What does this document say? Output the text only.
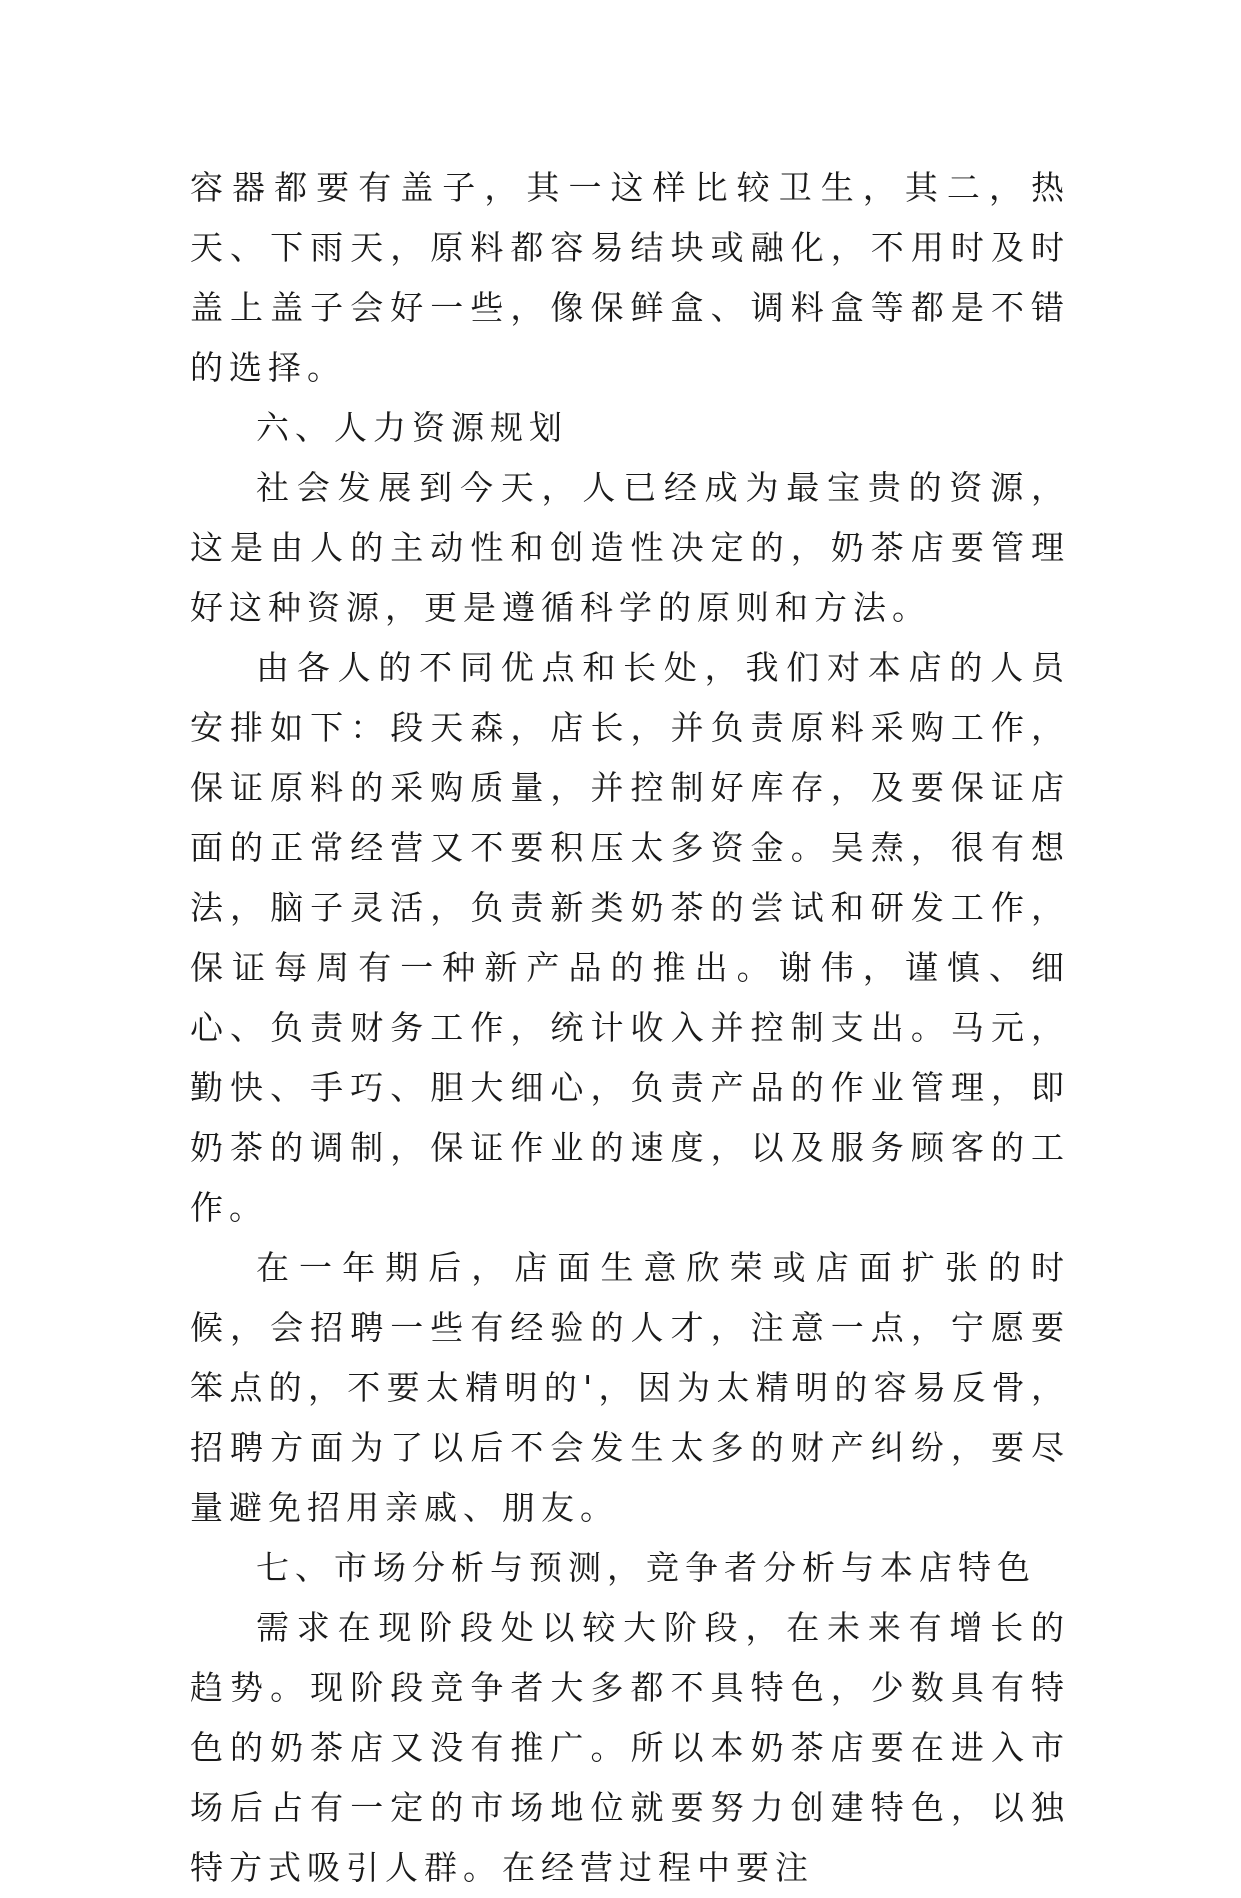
容器都要有盖子，其一这样比较卫生，其二，热天、下雨天，原料都容易结块或融化，不用时及时盖上盖子会好一些，像保鲜盒、调料盒等都是不错的选择。

六、人力资源规划

社会发展到今天，人已经成为最宝贵的资源，这是由人的主动性和创造性决定的，奶茶店要管理好这种资源，更是遵循科学的原则和方法。

由各人的不同优点和长处，我们对本店的人员安排如下：段天森，店长，并负责原料采购工作，保证原料的采购质量，并控制好库存，及要保证店面的正常经营又不要积压太多资金。吴焘，很有想法，脑子灵活，负责新类奶茶的尝试和研发工作，保证每周有一种新产品的推出。谢伟，谨慎、细心、负责财务工作，统计收入并控制支出。马元，勤快、手巧、胆大细心，负责产品的作业管理，即奶茶的调制，保证作业的速度，以及服务顾客的工作。

在一年期后，店面生意欣荣或店面扩张的时候，会招聘一些有经验的人才，注意一点，宁愿要笨点的，不要太精明的'，因为太精明的容易反骨，招聘方面为了以后不会发生太多的财产纠纷，要尽量避免招用亲戚、朋友。

七、市场分析与预测，竞争者分析与本店特色

需求在现阶段处以较大阶段，在未来有增长的趋势。现阶段竞争者大多都不具特色，少数具有特色的奶茶店又没有推广。所以本奶茶店要在进入市场后占有一定的市场地位就要努力创建特色，以独特方式吸引人群。在经营过程中要注
